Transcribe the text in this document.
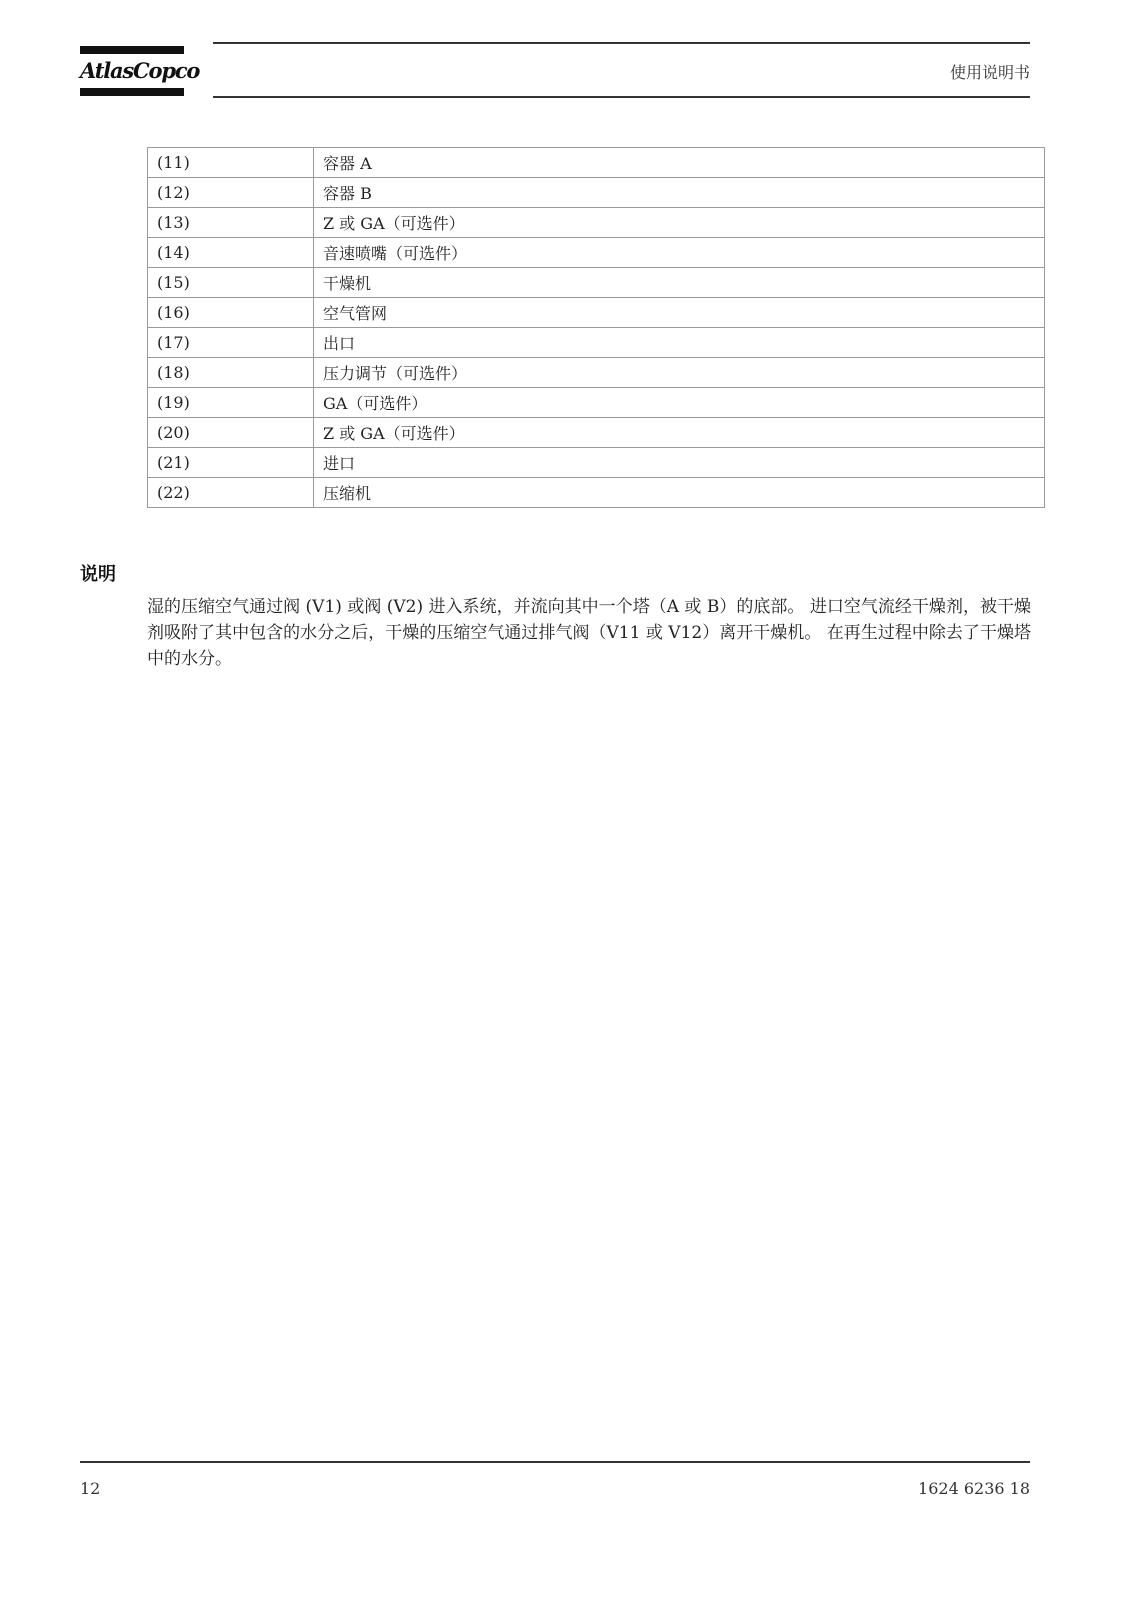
AtlasCopco	使用说明书
(11)	容器 A
(12)	容器 B
(13)	Z 或 GA（可选件）
(14)	音速喷嘴（可选件）
(15)	干燥机
(16)	空气管网
(17)	出口
(18)	压力调节（可选件）
(19)	GA（可选件）
(20)	Z 或 GA（可选件）
(21)	进口
(22)	压缩机
说明
湿的压缩空气通过阀 (V1) 或阀 (V2) 进入系统，并流向其中一个塔（A 或 B）的底部。 进口空气流经干燥剂，被干燥剂吸附了其中包含的水分之后，干燥的压缩空气通过排气阀（V11 或 V12）离开干燥机。 在再生过程中除去了干燥塔中的水分。
12	1624 6236 18
